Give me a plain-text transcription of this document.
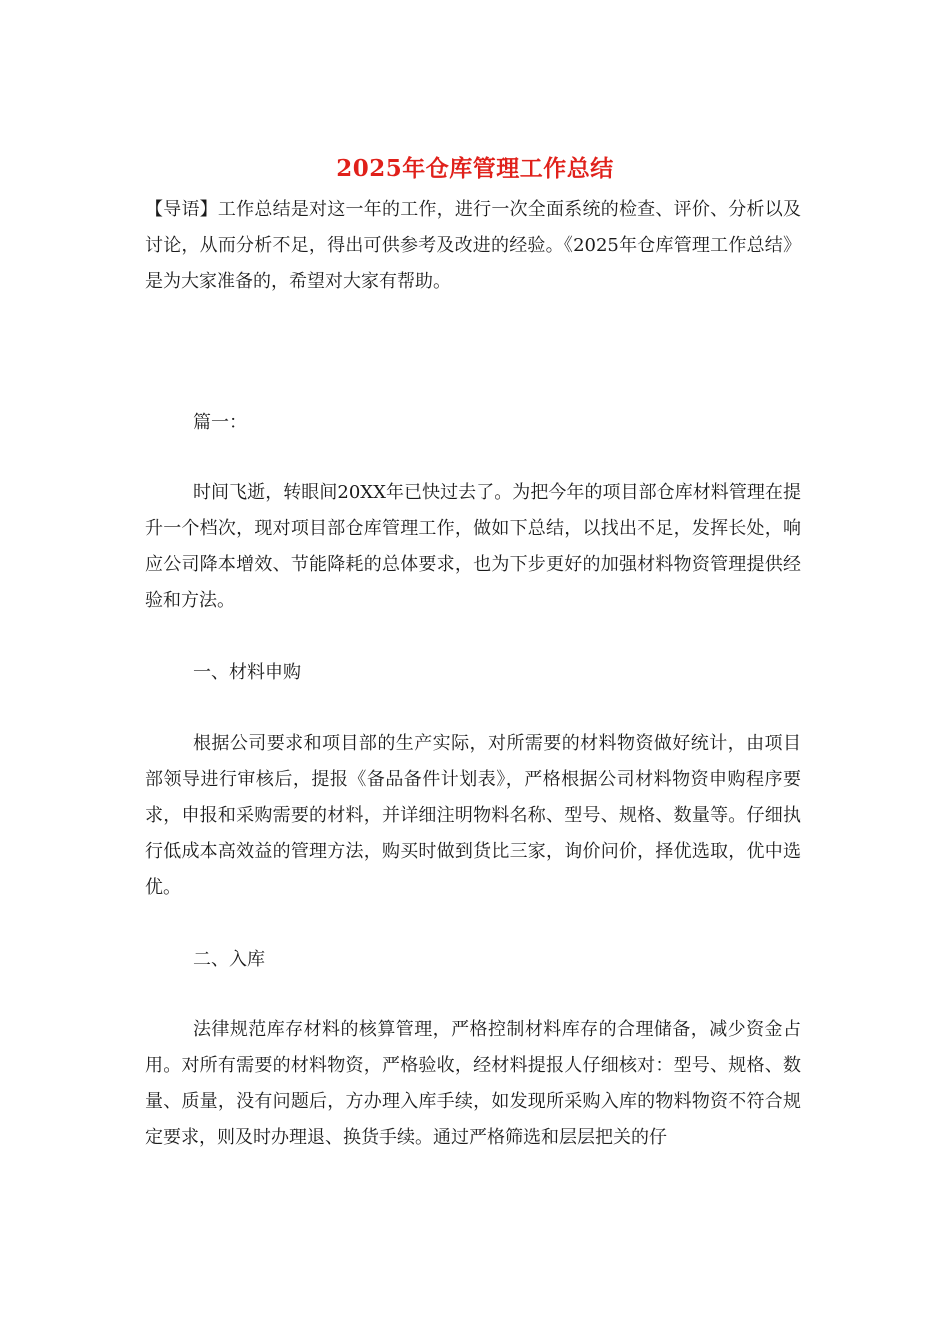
2025年仓库管理工作总结

【导语】工作总结是对这一年的工作，进行一次全面系统的检查、评价、分析以及讨论，从而分析不足，得出可供参考及改进的经验。《2025年仓库管理工作总结》是为大家准备的，希望对大家有帮助。

篇一：

时间飞逝，转眼间20XX年已快过去了。为把今年的项目部仓库材料管理在提升一个档次，现对项目部仓库管理工作，做如下总结，以找出不足，发挥长处，响应公司降本增效、节能降耗的总体要求，也为下步更好的加强材料物资管理提供经验和方法。

一、材料申购

根据公司要求和项目部的生产实际，对所需要的材料物资做好统计，由项目部领导进行审核后，提报《备品备件计划表》，严格根据公司材料物资申购程序要求，申报和采购需要的材料，并详细注明物料名称、型号、规格、数量等。仔细执行低成本高效益的管理方法，购买时做到货比三家，询价问价，择优选取，优中选优。

二、入库

法律规范库存材料的核算管理，严格控制材料库存的合理储备，减少资金占用。对所有需要的材料物资，严格验收，经材料提报人仔细核对：型号、规格、数量、质量，没有问题后，方办理入库手续，如发现所采购入库的物料物资不符合规定要求，则及时办理退、换货手续。通过严格筛选和层层把关的仔
